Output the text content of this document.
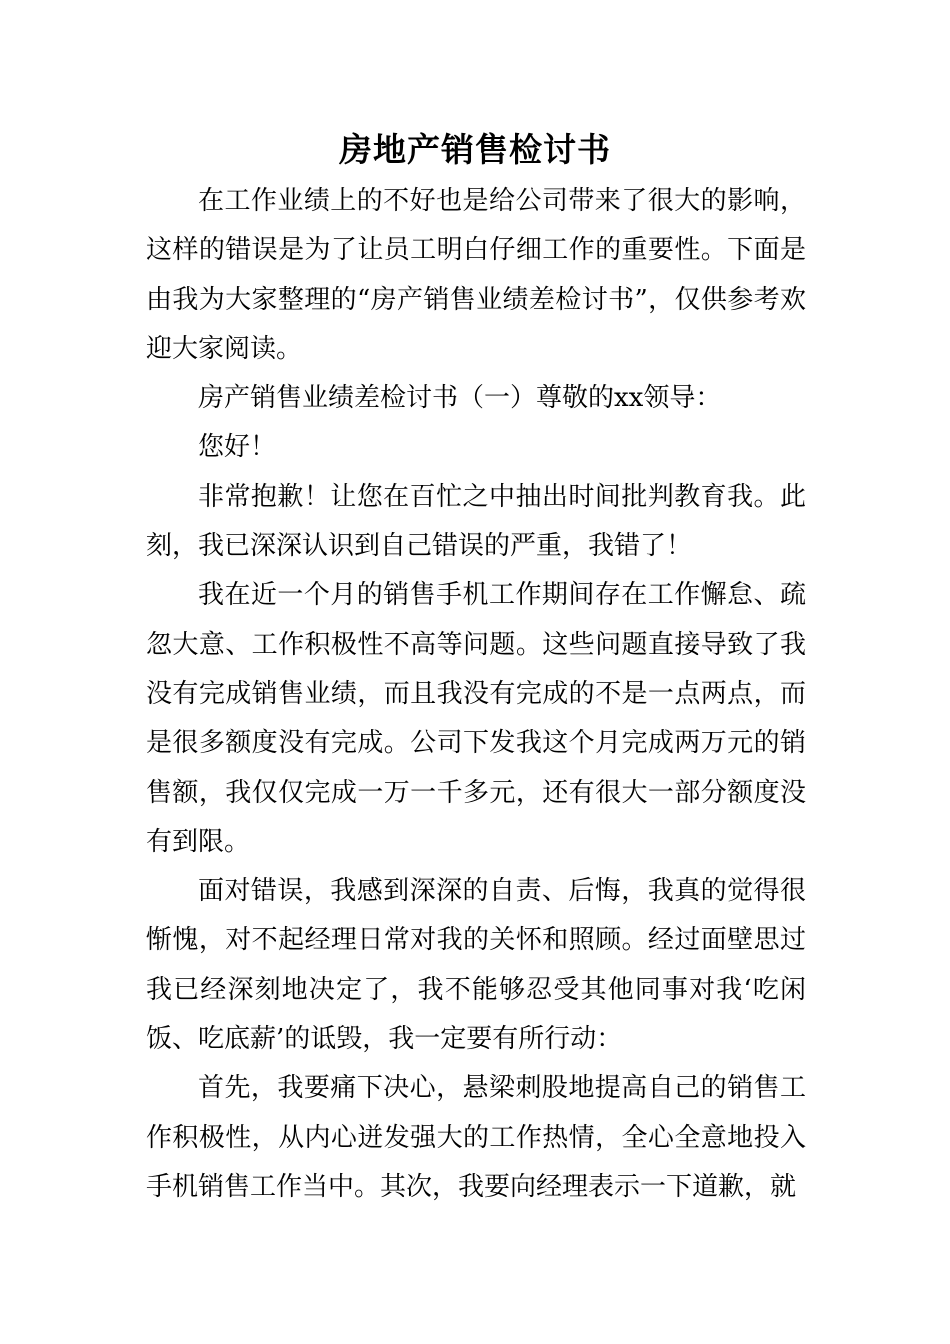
房地产销售检讨书

在工作业绩上的不好也是给公司带来了很大的影响，这样的错误是为了让员工明白仔细工作的重要性。下面是由我为大家整理的“房产销售业绩差检讨书”，仅供参考欢迎大家阅读。

房产销售业绩差检讨书（一）尊敬的xx领导：

您好！

非常抱歉！让您在百忙之中抽出时间批判教育我。此刻，我已深深认识到自己错误的严重，我错了！

我在近一个月的销售手机工作期间存在工作懈怠、疏忽大意、工作积极性不高等问题。这些问题直接导致了我没有完成销售业绩，而且我没有完成的不是一点两点，而是很多额度没有完成。公司下发我这个月完成两万元的销售额，我仅仅完成一万一千多元，还有很大一部分额度没有到限。

面对错误，我感到深深的自责、后悔，我真的觉得很惭愧，对不起经理日常对我的关怀和照顾。经过面壁思过我已经深刻地决定了，我不能够忍受其他同事对我‘吃闲饭、吃底薪’的诋毁，我一定要有所行动：

首先，我要痛下决心，悬梁刺股地提高自己的销售工作积极性，从内心迸发强大的工作热情，全心全意地投入手机销售工作当中。其次，我要向经理表示一下道歉，就
